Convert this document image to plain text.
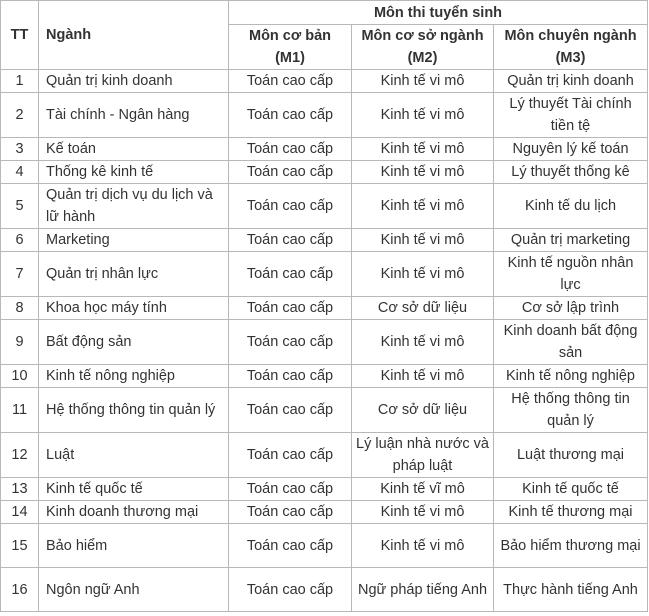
TT	Ngành	Môn thi tuyển sinh		
		Môn cơ bản (M1)	Môn cơ sở ngành (M2)	Môn chuyên ngành (M3)
1	Quản trị kinh doanh	Toán cao cấp	Kinh tế vi mô	Quản trị kinh doanh
2	Tài chính - Ngân hàng	Toán cao cấp	Kinh tế vi mô	Lý thuyết Tài chính tiền tệ
3	Kế toán	Toán cao cấp	Kinh tế vi mô	Nguyên lý kế toán
4	Thống kê kinh tế	Toán cao cấp	Kinh tế vi mô	Lý thuyết thống kê
5	Quản trị dịch vụ du lịch và lữ hành	Toán cao cấp	Kinh tế vi mô	Kinh tế du lịch
6	Marketing	Toán cao cấp	Kinh tế vi mô	Quản trị marketing
7	Quản trị nhân lực	Toán cao cấp	Kinh tế vi mô	Kinh tế nguồn nhân lực
8	Khoa học máy tính	Toán cao cấp	Cơ sở dữ liệu	Cơ sở lập trình
9	Bất động sản	Toán cao cấp	Kinh tế vi mô	Kinh doanh bất động sản
10	Kinh tế nông nghiệp	Toán cao cấp	Kinh tế vi mô	Kinh tế nông nghiệp
11	Hệ thống thông tin quản lý	Toán cao cấp	Cơ sở dữ liệu	Hệ thống thông tin quản lý
12	Luật	Toán cao cấp	Lý luận nhà nước và pháp luật	Luật thương mại
13	Kinh tế quốc tế	Toán cao cấp	Kinh tế vĩ mô	Kinh tế quốc tế
14	Kinh doanh thương mại	Toán cao cấp	Kinh tế vi mô	Kinh tế thương mại
15	Bảo hiểm	Toán cao cấp	Kinh tế vi mô	Bảo hiểm thương mại
16	Ngôn ngữ Anh	Toán cao cấp	Ngữ pháp tiếng Anh	Thực hành tiếng Anh
